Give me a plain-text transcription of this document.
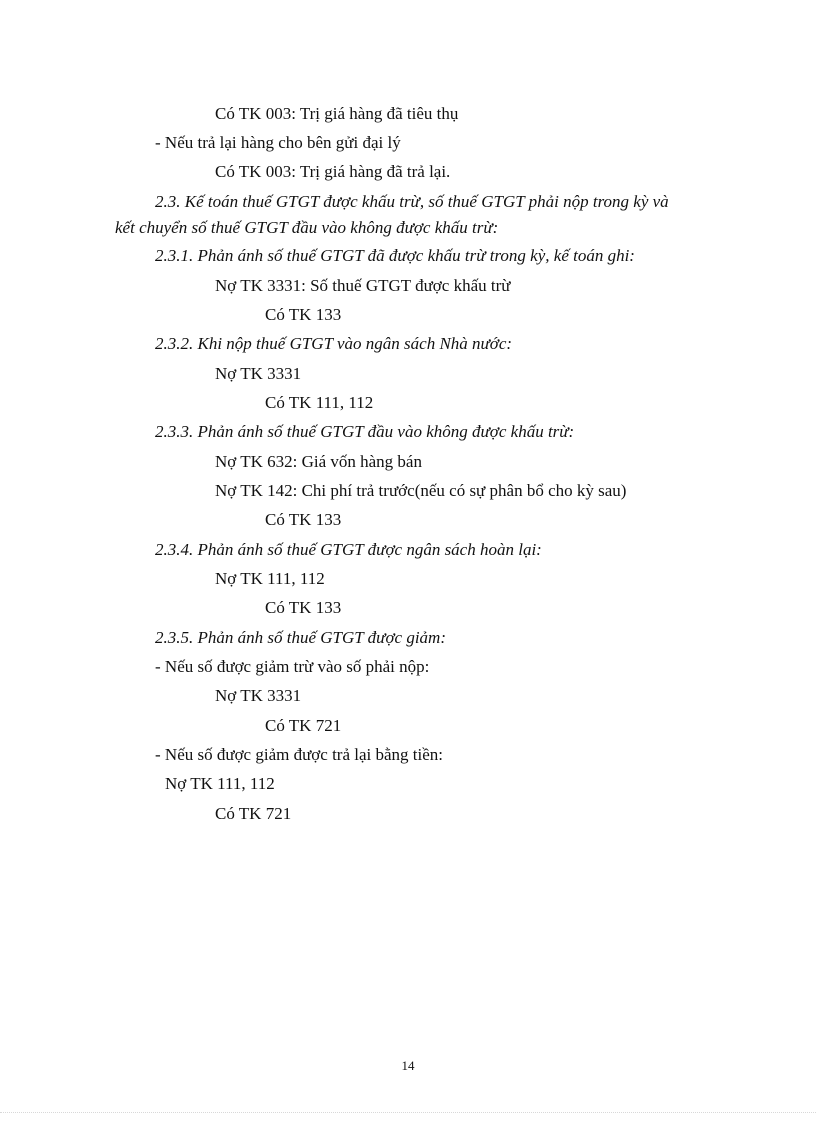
Có TK 003: Trị giá hàng đã tiêu thụ
- Nếu trả lại hàng cho bên gửi đại lý
Có TK 003: Trị giá hàng đã trả lại.
2.3. Kế toán thuế GTGT được khấu trừ, số thuế GTGT phải nộp trong kỳ và
kết chuyển số thuế GTGT đầu vào không được khấu trừ:
2.3.1. Phản ánh số thuế GTGT đã được khấu trừ trong kỳ, kế toán ghi:
Nợ TK 3331: Số thuế GTGT được khấu trừ
Có TK 133
2.3.2. Khi nộp thuế GTGT vào ngân sách Nhà nước:
Nợ TK 3331
Có TK 111, 112
2.3.3. Phản ánh số thuế GTGT đầu vào không được khấu trừ:
Nợ TK 632: Giá vốn hàng bán
Nợ TK 142: Chi phí trả trước(nếu có sự phân bổ cho kỳ sau)
Có TK 133
2.3.4. Phản ánh số thuế GTGT được ngân sách hoàn lại:
Nợ TK 111, 112
Có TK 133
2.3.5. Phản ánh số thuế GTGT được giảm:
- Nếu số được giảm trừ vào số phải nộp:
Nợ TK 3331
Có TK 721
- Nếu số được giảm được trả lại bằng tiền:
Nợ TK 111, 112
Có TK 721
14
